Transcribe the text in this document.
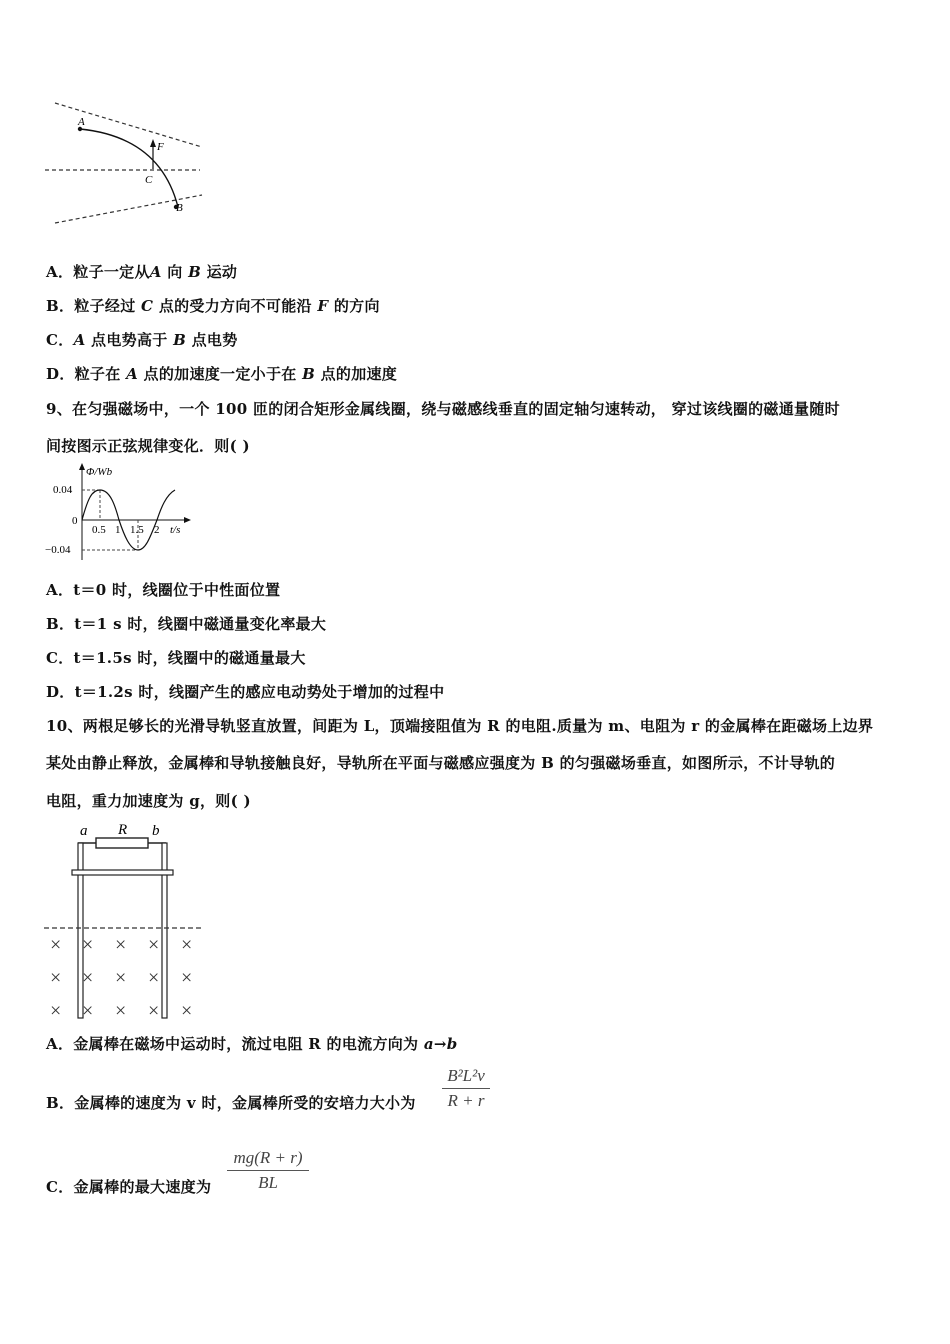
A
F
C
B
A．粒子一定从A 向 B 运动
B．粒子经过 C 点的受力方向不可能沿 F 的方向
C．A 点电势高于 B 点电势
D．粒子在 A 点的加速度一定小于在 B 点的加速度
9、在匀强磁场中，一个 100 匝的闭合矩形金属线圈，绕与磁感线垂直的固定轴匀速转动， 穿过该线圈的磁通量随时
间按图示正弦规律变化．则( )
Φ/Wb
0.04
0
−0.04
0.5 1 1.5 2 t/s
A．t＝0 时，线圈位于中性面位置
B．t＝1 s 时，线圈中磁通量变化率最大
C．t＝1.5s 时，线圈中的磁通量最大
D．t＝1.2s 时，线圈产生的感应电动势处于增加的过程中
10、两根足够长的光滑导轨竖直放置，间距为 L，顶端接阻值为 R 的电阻.质量为 m、电阻为 r 的金属棒在距磁场上边界
某处由静止释放，金属棒和导轨接触良好，导轨所在平面与磁感应强度为 B 的匀强磁场垂直，如图所示，不计导轨的
电阻，重力加速度为 g，则( )
a R b
× × × × ×
× × × × ×
× × × × ×
A．金属棒在磁场中运动时，流过电阻 R 的电流方向为 a→b
B．金属棒的速度为 v 时，金属棒所受的安培力大小为
B²L²v
R + r
C．金属棒的最大速度为
mg(R + r)
BL
